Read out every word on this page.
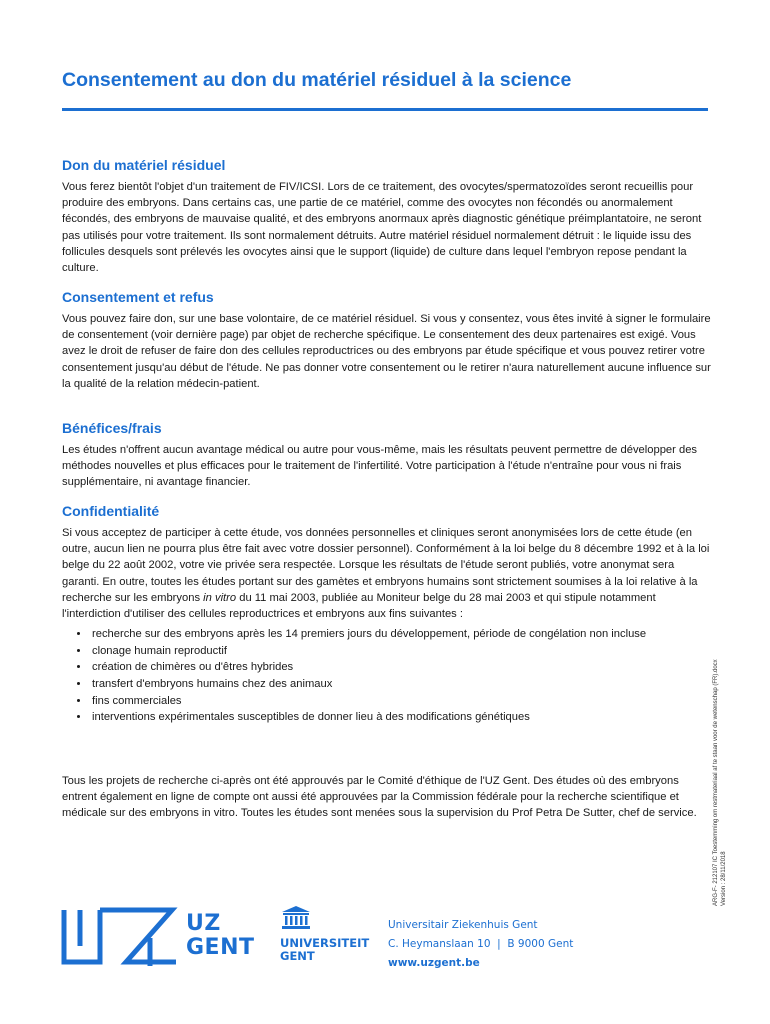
Consentement au don du matériel résiduel à la science
Don du matériel résiduel

Vous ferez bientôt l'objet d'un traitement de FIV/ICSI. Lors de ce traitement, des ovocytes/spermatozoïdes seront recueillis pour produire des embryons. Dans certains cas, une partie de ce matériel, comme des ovocytes non fécondés ou anormalement fécondés, des embryons de mauvaise qualité, et des embryons anormaux après diagnostic génétique préimplantatoire, ne seront pas utilisés pour votre traitement. Ils sont normalement détruits. Autre matériel résiduel normalement détruit : le liquide issu des follicules desquels sont prélevés les ovocytes ainsi que le support (liquide) de culture dans lequel l'embryon repose pendant la culture.

Consentement et refus

Vous pouvez faire don, sur une base volontaire, de ce matériel résiduel. Si vous y consentez, vous êtes invité à signer le formulaire de consentement (voir dernière page) par objet de recherche spécifique. Le consentement des deux partenaires est exigé. Vous avez le droit de refuser de faire don des cellules reproductrices ou des embryons par étude spécifique et vous pouvez retirer votre consentement jusqu'au début de l'étude. Ne pas donner votre consentement ou le retirer n'aura naturellement aucune influence sur la qualité de la relation médecin-patient.

Bénéfices/frais

Les études n'offrent aucun avantage médical ou autre pour vous-même, mais les résultats peuvent permettre de développer des méthodes nouvelles et plus efficaces pour le traitement de l'infertilité. Votre participation à l'étude n'entraîne pour vous ni frais supplémentaire, ni avantage financier.

Confidentialité

Si vous acceptez de participer à cette étude, vos données personnelles et cliniques seront anonymisées lors de cette étude (en outre, aucun lien ne pourra plus être fait avec votre dossier personnel). Conformément à la loi belge du 8 décembre 1992 et à la loi belge du 22 août 2002, votre vie privée sera respectée. Lorsque les résultats de l'étude seront publiés, votre anonymat sera garanti. En outre, toutes les études portant sur des gamètes et embryons humains sont strictement soumises à la loi relative à la recherche sur les embryons in vitro du 11 mai 2003, publiée au Moniteur belge du 28 mai 2003 et qui stipule notamment l'interdiction d'utiliser des cellules reproductrices et embryons aux fins suivantes :

• recherche sur des embryons après les 14 premiers jours du développement, période de congélation non incluse
• clonage humain reproductif
• création de chimères ou d'êtres hybrides
• transfert d'embryons humains chez des animaux
• fins commerciales
• interventions expérimentales susceptibles de donner lieu à des modifications génétiques

Tous les projets de recherche ci-après ont été approuvés par le Comité d'éthique de l'UZ Gent. Des études où des embryons entrent également en ligne de compte ont aussi été approuvées par la Commission fédérale pour la recherche scientifique et médicale sur des embryons in vitro. Toutes les études sont menées sous la supervision du Prof Petra De Sutter, chef de service.	ARG-F- 212107 IC Toestemming om restmateriaal af te staan voor de wetenschap (FR).docx Version : 28/11/2018
UZ
GENT UNIVERSITEIT
GENT
Universitair Ziekenhuis Gent
C. Heymanslaan 10  |  B 9000 Gent
www.uzgent.be
